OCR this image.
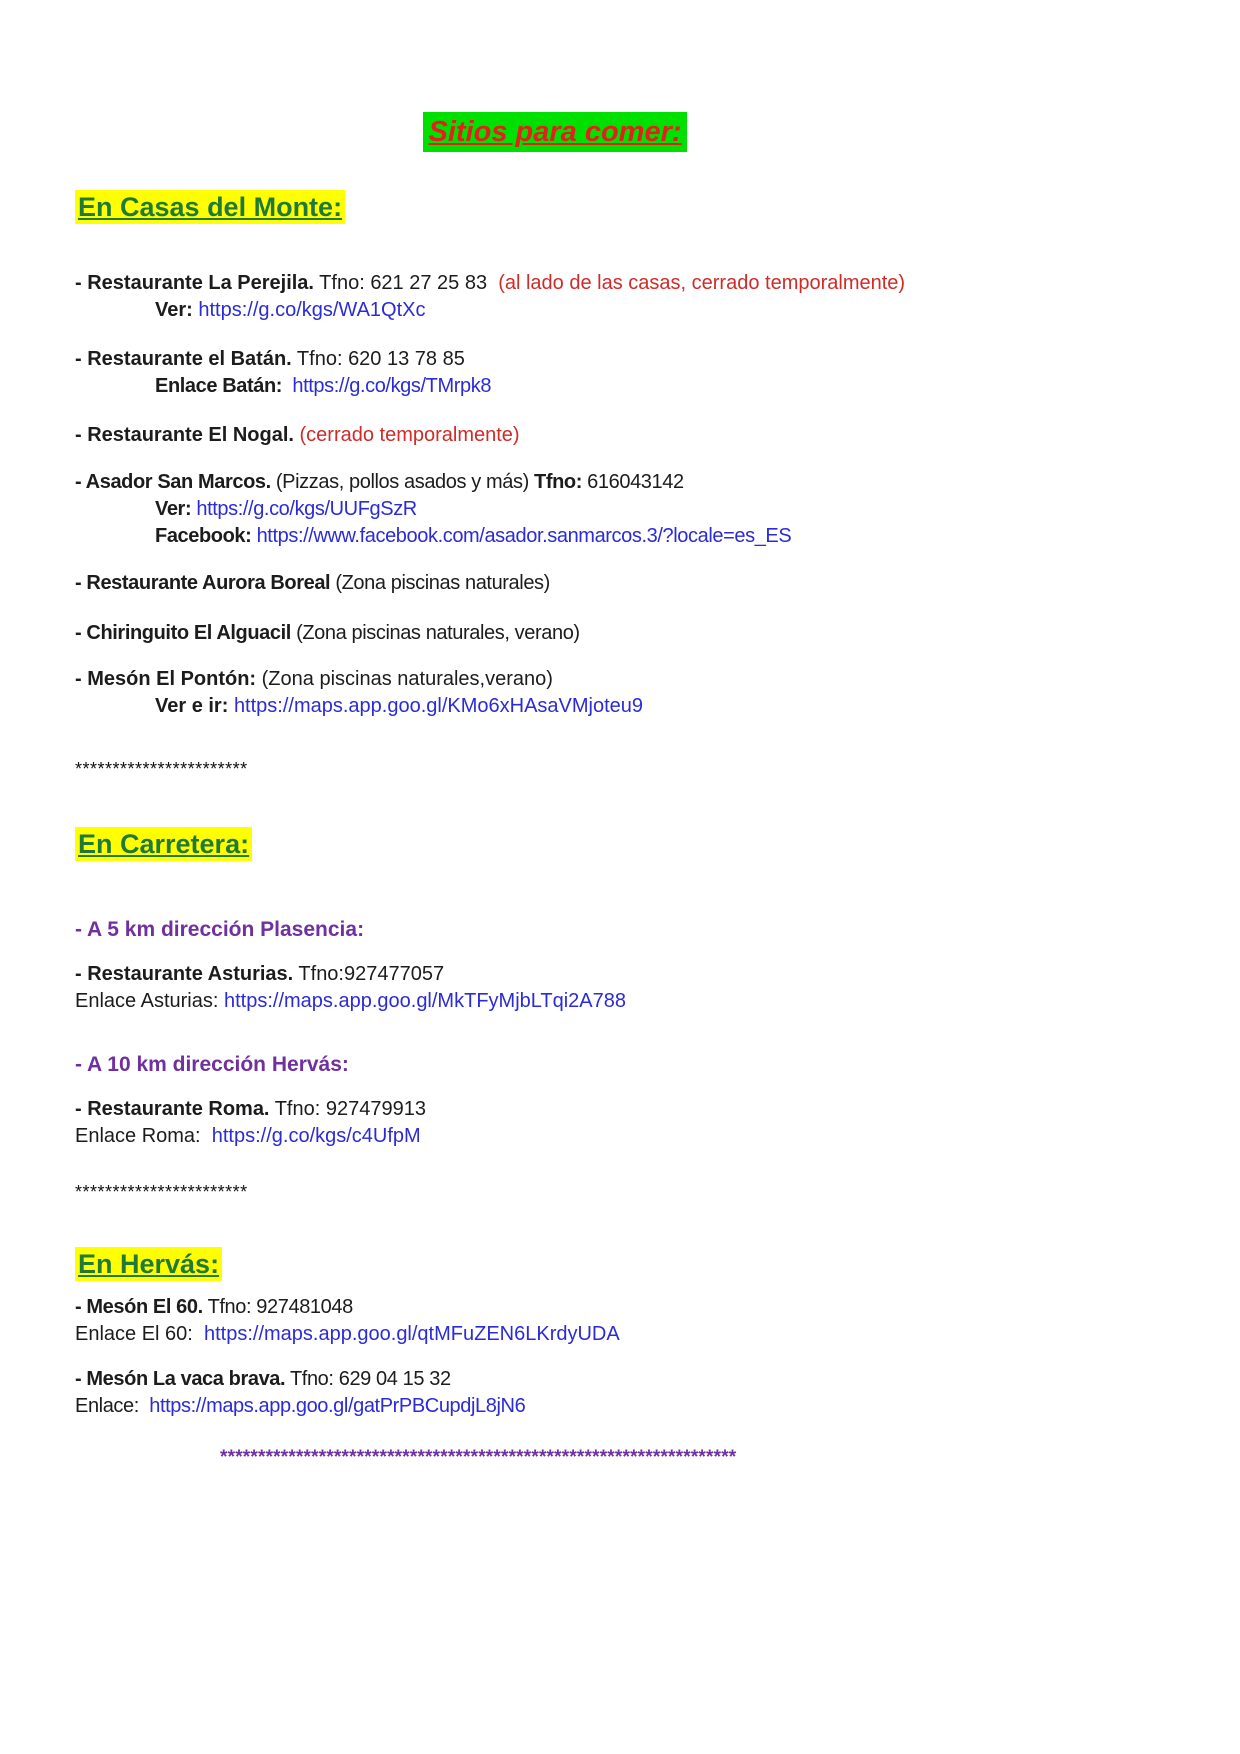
Sitios para comer:
En Casas del Monte:
- Restaurante La Perejila. Tfno: 621 27 25 83  (al lado de las casas, cerrado temporalmente)
Ver: https://g.co/kgs/WA1QtXc
- Restaurante el Batán. Tfno: 620 13 78 85
Enlace Batán:  https://g.co/kgs/TMrpk8
- Restaurante El Nogal. (cerrado temporalmente)
- Asador San Marcos. (Pizzas, pollos asados y más) Tfno: 616043142
Ver: https://g.co/kgs/UUFgSzR
Facebook: https://www.facebook.com/asador.sanmarcos.3/?locale=es_ES
- Restaurante Aurora Boreal (Zona piscinas naturales)
- Chiringuito El Alguacil (Zona piscinas naturales, verano)
- Mesón El Pontón: (Zona piscinas naturales,verano)
Ver e ir: https://maps.app.goo.gl/KMo6xHAsaVMjoteu9
***********************
En Carretera:
- A 5 km dirección Plasencia:
- Restaurante Asturias. Tfno:927477057
Enlace Asturias: https://maps.app.goo.gl/MkTFyMjbLTqi2A788
- A 10 km dirección Hervás:
- Restaurante Roma. Tfno: 927479913
Enlace Roma:  https://g.co/kgs/c4UfpM
***********************
En Hervás:
- Mesón El 60. Tfno: 927481048
Enlace El 60:  https://maps.app.goo.gl/qtMFuZEN6LKrdyUDA
- Mesón La vaca brava. Tfno: 629 04 15 32
Enlace:  https://maps.app.goo.gl/gatPrPBCupdjL8jN6
********************************************************************
